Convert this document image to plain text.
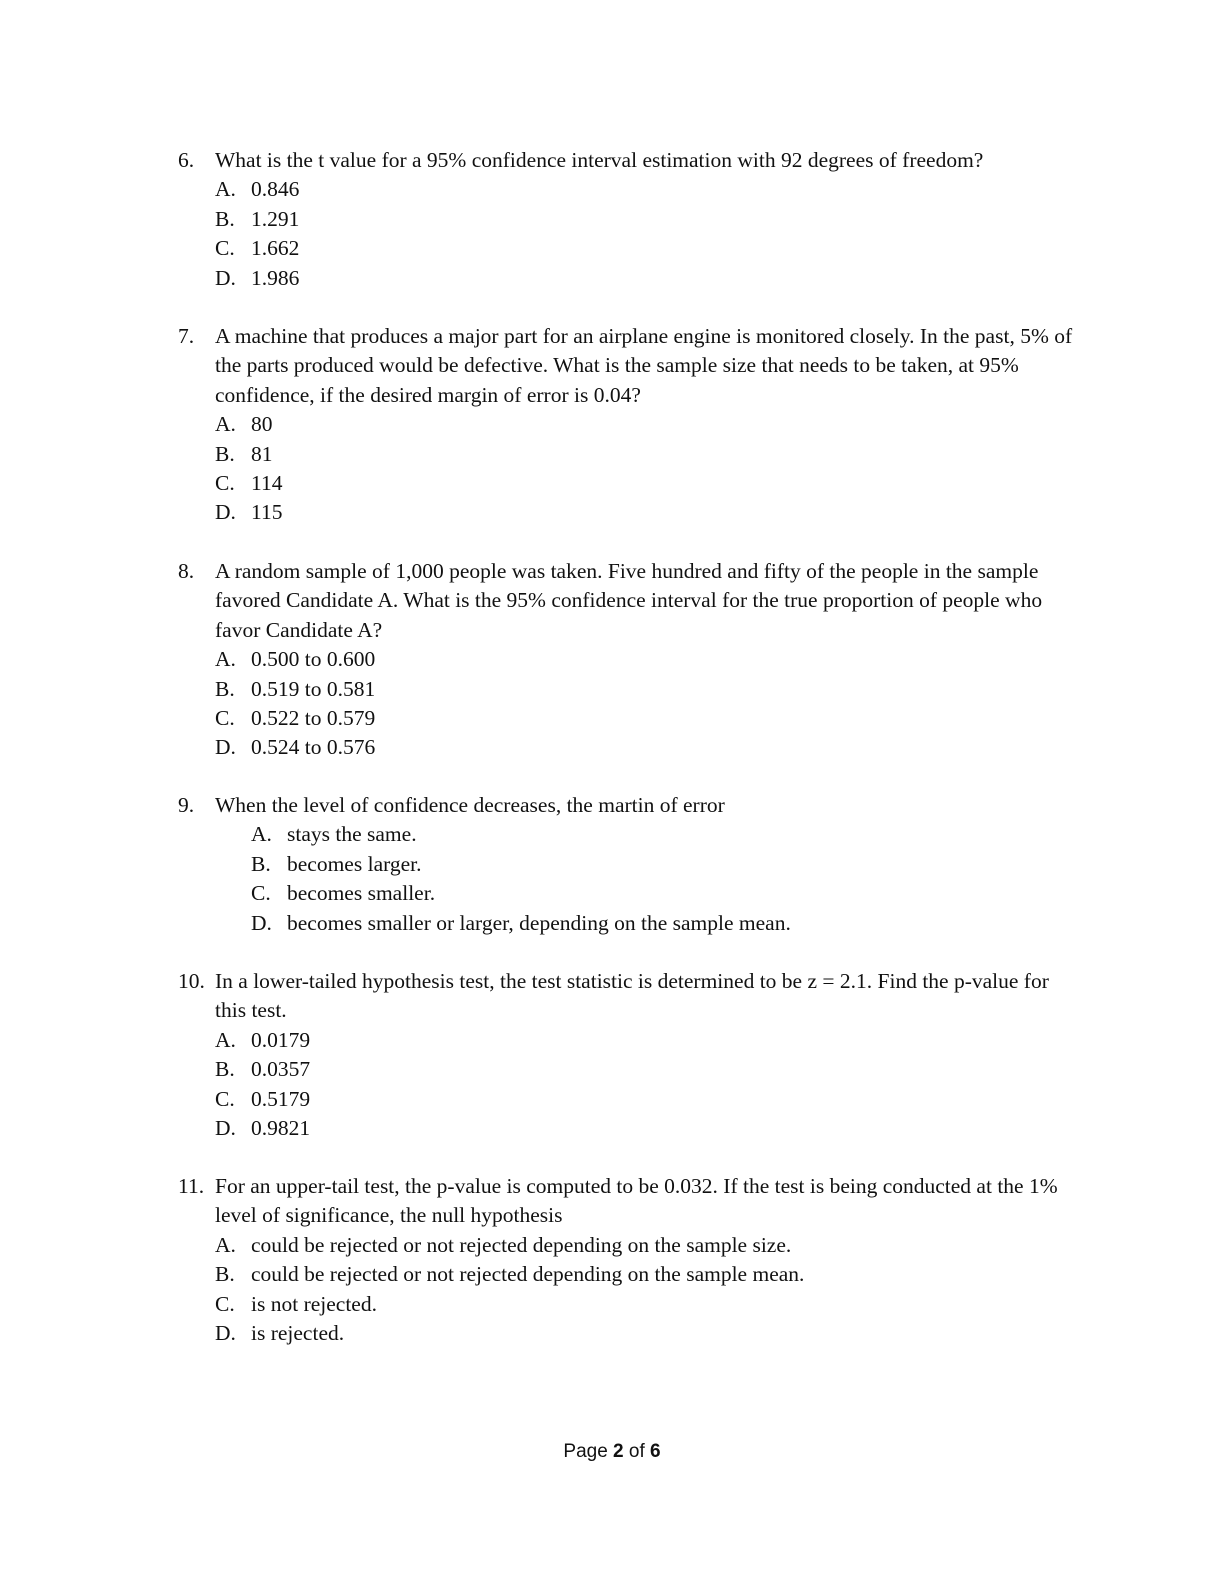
6. What is the t value for a 95% confidence interval estimation with 92 degrees of freedom?
A. 0.846
B. 1.291
C. 1.662
D. 1.986
7. A machine that produces a major part for an airplane engine is monitored closely. In the past, 5% of the parts produced would be defective. What is the sample size that needs to be taken, at 95% confidence, if the desired margin of error is 0.04?
A. 80
B. 81
C. 114
D. 115
8. A random sample of 1,000 people was taken. Five hundred and fifty of the people in the sample favored Candidate A. What is the 95% confidence interval for the true proportion of people who favor Candidate A?
A. 0.500 to 0.600
B. 0.519 to 0.581
C. 0.522 to 0.579
D. 0.524 to 0.576
9. When the level of confidence decreases, the martin of error
A. stays the same.
B. becomes larger.
C. becomes smaller.
D. becomes smaller or larger, depending on the sample mean.
10. In a lower-tailed hypothesis test, the test statistic is determined to be z = 2.1. Find the p-value for this test.
A. 0.0179
B. 0.0357
C. 0.5179
D. 0.9821
11. For an upper-tail test, the p-value is computed to be 0.032. If the test is being conducted at the 1% level of significance, the null hypothesis
A. could be rejected or not rejected depending on the sample size.
B. could be rejected or not rejected depending on the sample mean.
C. is not rejected.
D. is rejected.
Page 2 of 6
